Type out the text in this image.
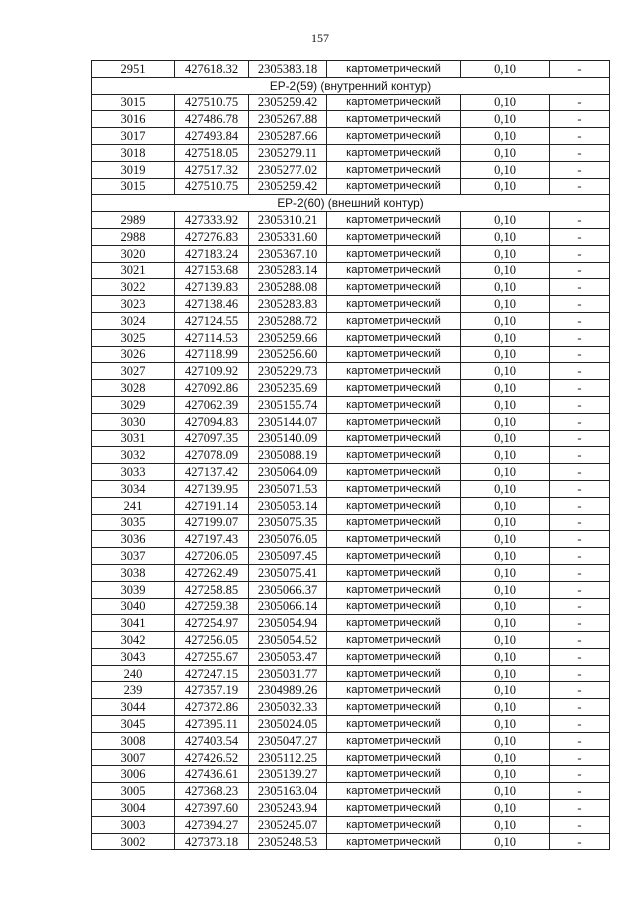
157
2951	427618.32	2305383.18	картометрический	0,10	-
ЕР-2(59) (внутренний контур)					
3015	427510.75	2305259.42	картометрический	0,10	-
3016	427486.78	2305267.88	картометрический	0,10	-
3017	427493.84	2305287.66	картометрический	0,10	-
3018	427518.05	2305279.11	картометрический	0,10	-
3019	427517.32	2305277.02	картометрический	0,10	-
3015	427510.75	2305259.42	картометрический	0,10	-
ЕР-2(60) (внешний контур)					
2989	427333.92	2305310.21	картометрический	0,10	-
2988	427276.83	2305331.60	картометрический	0,10	-
3020	427183.24	2305367.10	картометрический	0,10	-
3021	427153.68	2305283.14	картометрический	0,10	-
3022	427139.83	2305288.08	картометрический	0,10	-
3023	427138.46	2305283.83	картометрический	0,10	-
3024	427124.55	2305288.72	картометрический	0,10	-
3025	427114.53	2305259.66	картометрический	0,10	-
3026	427118.99	2305256.60	картометрический	0,10	-
3027	427109.92	2305229.73	картометрический	0,10	-
3028	427092.86	2305235.69	картометрический	0,10	-
3029	427062.39	2305155.74	картометрический	0,10	-
3030	427094.83	2305144.07	картометрический	0,10	-
3031	427097.35	2305140.09	картометрический	0,10	-
3032	427078.09	2305088.19	картометрический	0,10	-
3033	427137.42	2305064.09	картометрический	0,10	-
3034	427139.95	2305071.53	картометрический	0,10	-
241	427191.14	2305053.14	картометрический	0,10	-
3035	427199.07	2305075.35	картометрический	0,10	-
3036	427197.43	2305076.05	картометрический	0,10	-
3037	427206.05	2305097.45	картометрический	0,10	-
3038	427262.49	2305075.41	картометрический	0,10	-
3039	427258.85	2305066.37	картометрический	0,10	-
3040	427259.38	2305066.14	картометрический	0,10	-
3041	427254.97	2305054.94	картометрический	0,10	-
3042	427256.05	2305054.52	картометрический	0,10	-
3043	427255.67	2305053.47	картометрический	0,10	-
240	427247.15	2305031.77	картометрический	0,10	-
239	427357.19	2304989.26	картометрический	0,10	-
3044	427372.86	2305032.33	картометрический	0,10	-
3045	427395.11	2305024.05	картометрический	0,10	-
3008	427403.54	2305047.27	картометрический	0,10	-
3007	427426.52	2305112.25	картометрический	0,10	-
3006	427436.61	2305139.27	картометрический	0,10	-
3005	427368.23	2305163.04	картометрический	0,10	-
3004	427397.60	2305243.94	картометрический	0,10	-
3003	427394.27	2305245.07	картометрический	0,10	-
3002	427373.18	2305248.53	картометрический	0,10	-
